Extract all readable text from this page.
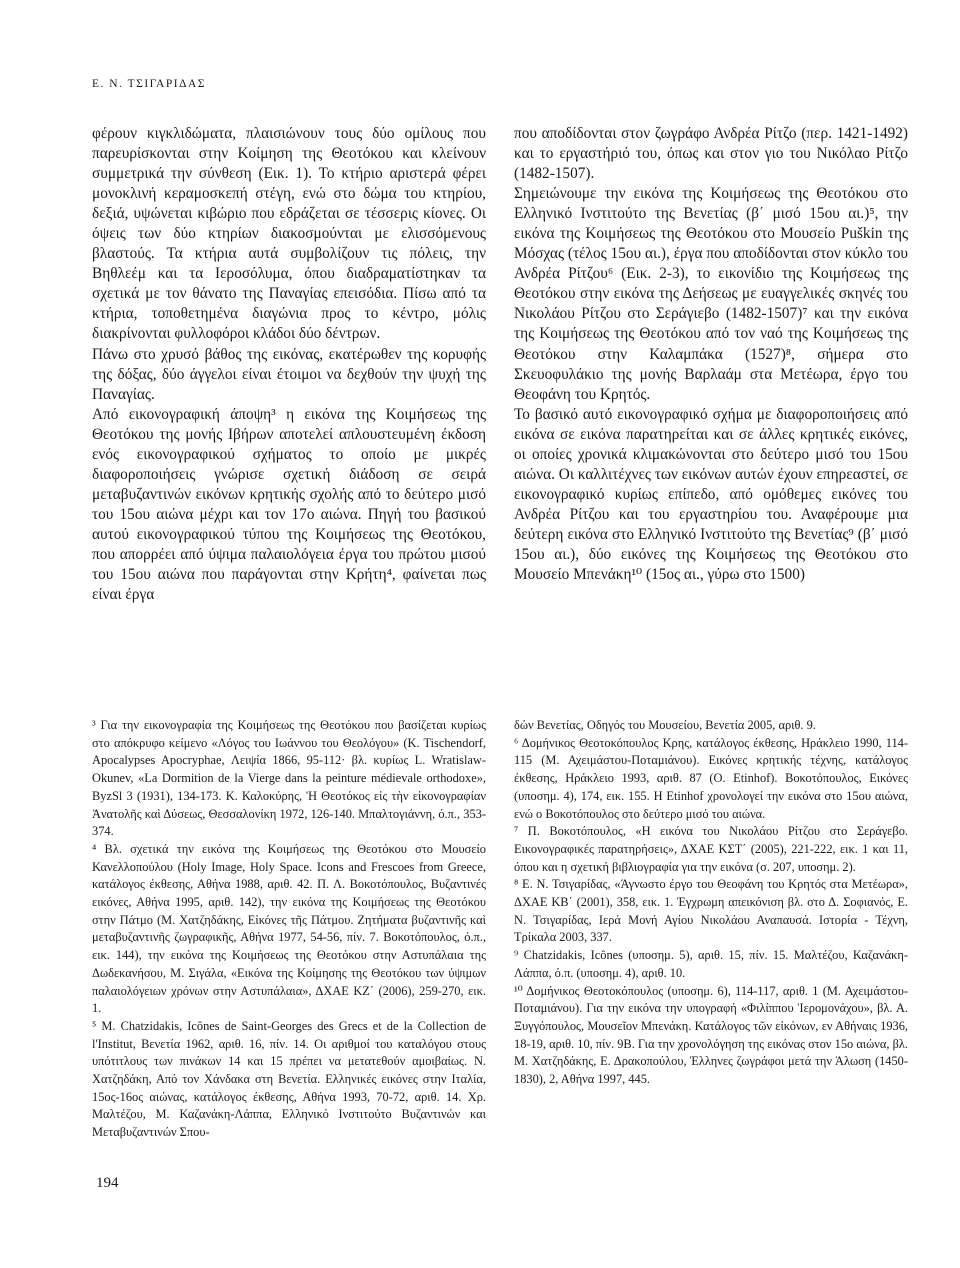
Ε. Ν. ΤΣΙΓΑΡΙΔΑΣ

φέρουν κιγκλιδώματα, πλαισιώνουν τους δύο ομίλους που παρευρίσκονται στην Κοίμηση της Θεοτόκου και κλείνουν συμμετρικά την σύνθεση (Εικ. 1). Το κτήριο αριστερά φέρει μονοκλινή κεραμοσκεπή στέγη, ενώ στο δώμα του κτηρίου, δεξιά, υψώνεται κιβώριο που εδράζεται σε τέσσερις κίονες. Οι όψεις των δύο κτηρίων διακοσμούνται με ελισσόμενους βλαστούς. Τα κτήρια αυτά συμβολίζουν τις πόλεις, την Βηθλεέμ και τα Ιεροσόλυμα, όπου διαδραματίστηκαν τα σχετικά με τον θάνατο της Παναγίας επεισόδια. Πίσω από τα κτήρια, τοποθετημένα διαγώνια προς το κέντρο, μόλις διακρίνονται φυλλοφόροι κλάδοι δύο δέντρων.

Πάνω στο χρυσό βάθος της εικόνας, εκατέρωθεν της κορυφής της δόξας, δύο άγγελοι είναι έτοιμοι να δεχθούν την ψυχή της Παναγίας.

Από εικονογραφική άποψη³ η εικόνα της Κοιμήσεως της Θεοτόκου της μονής Ιβήρων αποτελεί απλουστευμένη έκδοση ενός εικονογραφικού σχήματος το οποίο με μικρές διαφοροποιήσεις γνώρισε σχετική διάδοση σε σειρά μεταβυζαντινών εικόνων κρητικής σχολής από το δεύτερο μισό του 15ου αιώνα μέχρι και τον 17ο αιώνα. Πηγή του βασικού αυτού εικονογραφικού τύπου της Κοιμήσεως της Θεοτόκου, που απορρέει από ύψιμα παλαιολόγεια έργα του πρώτου μισού του 15ου αιώνα που παράγονται στην Κρήτη⁴, φαίνεται πως είναι έργα

που αποδίδονται στον ζωγράφο Ανδρέα Ρίτζο (περ. 1421-1492) και το εργαστήριό του, όπως και στον γιο του Νικόλαο Ρίτζο (1482-1507).

Σημειώνουμε την εικόνα της Κοιμήσεως της Θεοτόκου στο Ελληνικό Ινστιτούτο της Βενετίας (β΄ μισό 15ου αι.)⁵, την εικόνα της Κοιμήσεως της Θεοτόκου στο Μουσείο Puškin της Μόσχας (τέλος 15ου αι.), έργα που αποδίδονται στον κύκλο του Ανδρέα Ρίτζου⁶ (Εικ. 2-3), το εικονίδιο της Κοιμήσεως της Θεοτόκου στην εικόνα της Δεήσεως με ευαγγελικές σκηνές του Νικολάου Ρίτζου στο Σεράγιεβο (1482-1507)⁷ και την εικόνα της Κοιμήσεως της Θεοτόκου από τον ναό της Κοιμήσεως της Θεοτόκου στην Καλαμπάκα (1527)⁸, σήμερα στο Σκευοφυλάκιο της μονής Βαρλαάμ στα Μετέωρα, έργο του Θεοφάνη του Κρητός.

Το βασικό αυτό εικονογραφικό σχήμα με διαφοροποιήσεις από εικόνα σε εικόνα παρατηρείται και σε άλλες κρητικές εικόνες, οι οποίες χρονικά κλιμακώνονται στο δεύτερο μισό του 15ου αιώνα. Οι καλλιτέχνες των εικόνων αυτών έχουν επηρεαστεί, σε εικονογραφικό κυρίως επίπεδο, από ομόθεμες εικόνες του Ανδρέα Ρίτζου και του εργαστηρίου του. Αναφέρουμε μια δεύτερη εικόνα στο Ελληνικό Ινστιτούτο της Βενετίας⁹ (β΄ μισό 15ου αι.), δύο εικόνες της Κοιμήσεως της Θεοτόκου στο Μουσείο Μπενάκη¹⁰ (15ος αι., γύρω στο 1500)

³ Για την εικονογραφία της Κοιμήσεως της Θεοτόκου που βασίζεται κυρίως στο απόκρυφο κείμενο «Λόγος του Ιωάννου του Θεολόγου» (K. Tischendorf, Apocalypses Apocryphae, Λειψία 1866, 95-112· βλ. κυρίως L. Wratislaw-Okunev, «La Dormition de la Vierge dans la peinture médievale orthodoxe», ByzSl 3 (1931), 134-173. Κ. Καλοκύρης, Ἡ Θεοτόκος εἰς τὴν εἰκονογραφίαν Ἀνατολῆς καὶ Δύσεως, Θεσσαλονίκη 1972, 126-140. Μπαλτογιάννη, ό.π., 353-374.

⁴ Βλ. σχετικά την εικόνα της Κοιμήσεως της Θεοτόκου στο Μουσείο Κανελλοπούλου (Holy Image, Holy Space. Icons and Frescoes from Greece, κατάλογος έκθεσης, Αθήνα 1988, αριθ. 42. Π. Λ. Βοκοτόπουλος, Βυζαντινές εικόνες, Αθήνα 1995, αριθ. 142), την εικόνα της Κοιμήσεως της Θεοτόκου στην Πάτμο (Μ. Χατζηδάκης, Εἰκόνες τῆς Πάτμου. Ζητήματα βυζαντινῆς καὶ μεταβυζαντινῆς ζωγραφικῆς, Αθήνα 1977, 54-56, πίν. 7. Βοκοτόπουλος, ό.π., εικ. 144), την εικόνα της Κοιμήσεως της Θεοτόκου στην Αστυπάλαια της Δωδεκανήσου, Μ. Σιγάλα, «Εικόνα της Κοίμησης της Θεοτόκου των ύψιμων παλαιολόγειων χρόνων στην Αστυπάλαια», ΔΧΑΕ ΚΖ΄ (2006), 259-270, εικ. 1.

⁵ M. Chatzidakis, Icônes de Saint-Georges des Grecs et de la Collection de l'Institut, Βενετία 1962, αριθ. 16, πίν. 14. Οι αριθμοί του καταλόγου στους υπότιτλους των πινάκων 14 και 15 πρέπει να μετατεθούν αμοιβαίως. Ν. Χατζηδάκη, Από τον Χάνδακα στη Βενετία. Ελληνικές εικόνες στην Ιταλία, 15ος-16ος αιώνας, κατάλογος έκθεσης, Αθήνα 1993, 70-72, αριθ. 14. Χρ. Μαλτέζου, Μ. Καζανάκη-Λάππα, Ελληνικό Ινστιτούτο Βυζαντινών και Μεταβυζαντινών Σπου-

δών Βενετίας, Οδηγός του Μουσείου, Βενετία 2005, αριθ. 9.

⁶ Δομήνικος Θεοτοκόπουλος Κρης, κατάλογος έκθεσης, Ηράκλειο 1990, 114-115 (Μ. Αχειμάστου-Ποταμιάνου). Εικόνες κρητικής τέχνης, κατάλογος έκθεσης, Ηράκλειο 1993, αριθ. 87 (O. Etinhof). Βοκοτόπουλος, Εικόνες (υποσημ. 4), 174, εικ. 155. Η Etinhof χρονολογεί την εικόνα στο 15ου αιώνα, ενώ ο Βοκοτόπουλος στο δεύτερο μισό του αιώνα.

⁷ Π. Βοκοτόπουλος, «Η εικόνα του Νικολάου Ρίτζου στο Σεράγεβο. Εικονογραφικές παρατηρήσεις», ΔΧΑΕ ΚΣΤ΄ (2005), 221-222, εικ. 1 και 11, όπου και η σχετική βιβλιογραφία για την εικόνα (σ. 207, υποσημ. 2).

⁸ Ε. Ν. Τσιγαρίδας, «Άγνωστο έργο του Θεοφάνη του Κρητός στα Μετέωρα», ΔΧΑΕ ΚΒ΄ (2001), 358, εικ. 1. Έγχρωμη απεικόνιση βλ. στο Δ. Σοφιανός, Ε. Ν. Τσιγαρίδας, Ιερά Μονή Αγίου Νικολάου Αναπαυσά. Ιστορία - Τέχνη, Τρίκαλα 2003, 337.

⁹ Chatzidakis, Icônes (υποσημ. 5), αριθ. 15, πίν. 15. Μαλτέζου, Καζανάκη-Λάππα, ό.π. (υποσημ. 4), αριθ. 10.

¹⁰ Δομήνικος Θεοτοκόπουλος (υποσημ. 6), 114-117, αριθ. 1 (Μ. Αχειμάστου-Ποταμιάνου). Για την εικόνα την υπογραφή «Φιλίππου Ἱερομονάχου», βλ. Α. Ξυγγόπουλος, Μουσεῖον Μπενάκη. Κατάλογος τῶν εἰκόνων, εν Αθήναις 1936, 18-19, αριθ. 10, πίν. 9Β. Για την χρονολόγηση της εικόνας στον 15ο αιώνα, βλ. Μ. Χατζηδάκης, Ε. Δρακοπούλου, Έλληνες ζωγράφοι μετά την Άλωση (1450-1830), 2, Αθήνα 1997, 445.

194
